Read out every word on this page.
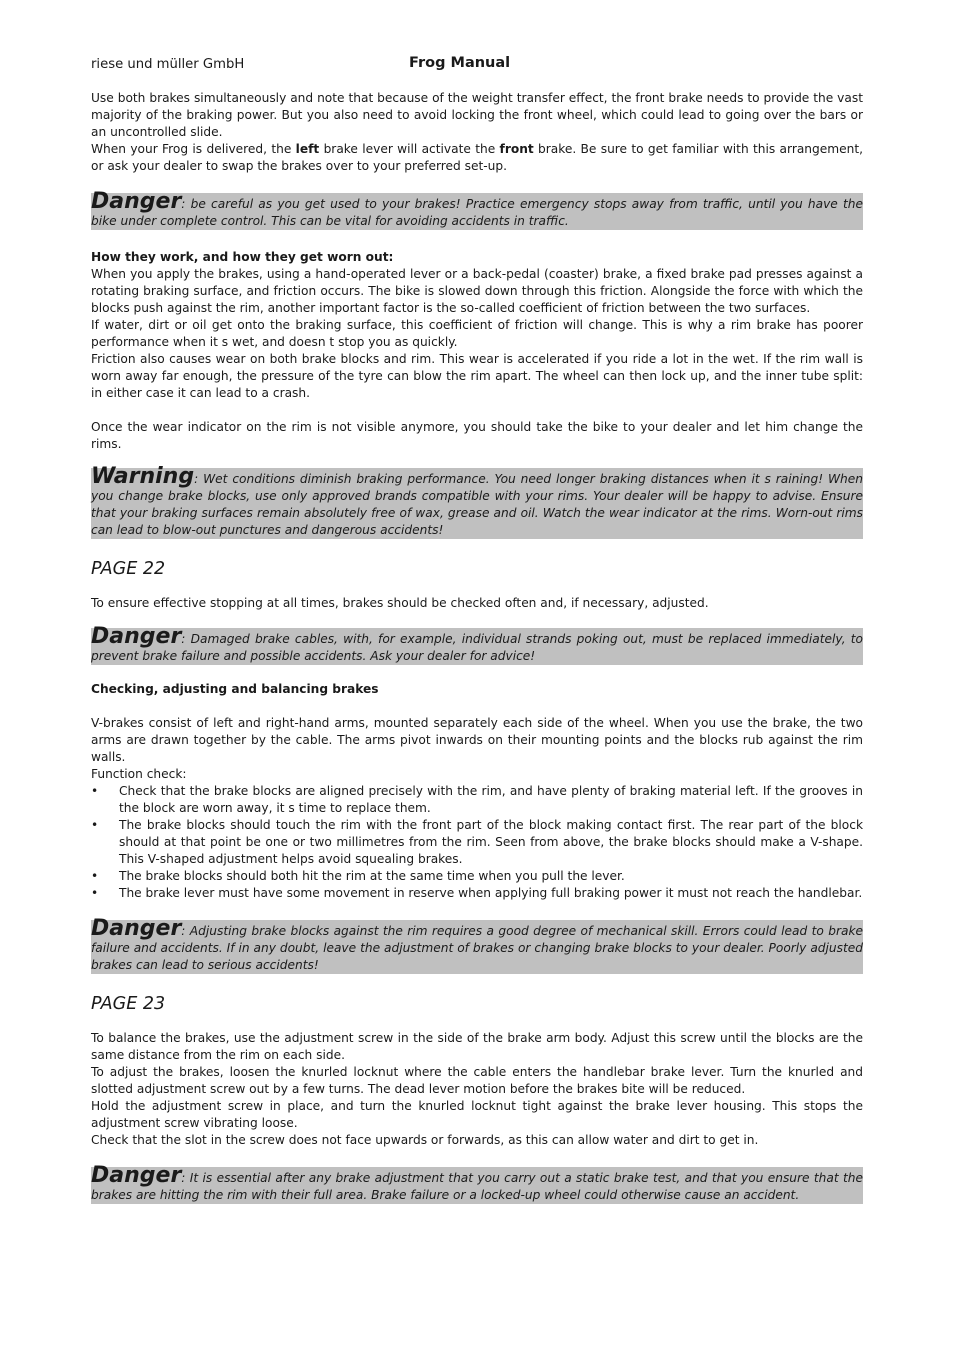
riese und müller GmbH	Frog Manual

Use both brakes simultaneously and note that because of the weight transfer effect, the front brake needs to provide the vast majority of the braking power. But you also need to avoid locking the front wheel, which could lead to going over the bars or an uncontrolled slide.

When your Frog is delivered, the left brake lever will activate the front brake. Be sure to get familiar with this arrangement, or ask your dealer to swap the brakes over to your preferred set-up.

Danger: be careful as you get used to your brakes! Practice emergency stops away from traffic, until you have the bike under complete control. This can be vital for avoiding accidents in traffic.

How they work, and how they get worn out:

When you apply the brakes, using a hand-operated lever or a back-pedal (coaster) brake, a fixed brake pad presses against a rotating braking surface, and friction occurs. The bike is slowed down through this friction. Alongside the force with which the blocks push against the rim, another important factor is the so-called coefficient of friction between the two surfaces.

If water, dirt or oil get onto the braking surface, this coefficient of friction will change. This is why a rim brake has poorer performance when it s wet, and doesn t stop you as quickly.

Friction also causes wear on both brake blocks and rim. This wear is accelerated if you ride a lot in the wet. If the rim wall is worn away far enough, the pressure of the tyre can blow the rim apart. The wheel can then lock up, and the inner tube split: in either case it can lead to a crash.

Once the wear indicator on the rim is not visible anymore, you should take the bike to your dealer and let him change the rims.

Warning: Wet conditions diminish braking performance. You need longer braking distances when it s raining! When you change brake blocks, use only approved brands compatible with your rims. Your dealer will be happy to advise. Ensure that your braking surfaces remain absolutely free of wax, grease and oil. Watch the wear indicator at the rims. Worn-out rims can lead to blow-out punctures and dangerous accidents!

PAGE 22

To ensure effective stopping at all times, brakes should be checked often and, if necessary, adjusted.

Danger: Damaged brake cables, with, for example, individual strands poking out, must be replaced immediately, to prevent brake failure and possible accidents. Ask your dealer for advice!

Checking, adjusting and balancing brakes

V-brakes consist of left and right-hand arms, mounted separately each side of the wheel. When you use the brake, the two arms are drawn together by the cable. The arms pivot inwards on their mounting points and the blocks rub against the rim walls.

Function check:

• Check that the brake blocks are aligned precisely with the rim, and have plenty of braking material left. If the grooves in the block are worn away, it s time to replace them.
• The brake blocks should touch the rim with the front part of the block making contact first. The rear part of the block should at that point be one or two millimetres from the rim. Seen from above, the brake blocks should make a V-shape. This V-shaped adjustment helps avoid squealing brakes.
• The brake blocks should both hit the rim at the same time when you pull the lever.
• The brake lever must have some movement in reserve when applying full braking power it must not reach the handlebar.

Danger: Adjusting brake blocks against the rim requires a good degree of mechanical skill. Errors could lead to brake failure and accidents. If in any doubt, leave the adjustment of brakes or changing brake blocks to your dealer. Poorly adjusted brakes can lead to serious accidents!

PAGE 23

To balance the brakes, use the adjustment screw in the side of the brake arm body. Adjust this screw until the blocks are the same distance from the rim on each side.

To adjust the brakes, loosen the knurled locknut where the cable enters the handlebar brake lever. Turn the knurled and slotted adjustment screw out by a few turns. The dead lever motion before the brakes bite will be reduced.

Hold the adjustment screw in place, and turn the knurled locknut tight against the brake lever housing. This stops the adjustment screw vibrating loose.

Check that the slot in the screw does not face upwards or forwards, as this can allow water and dirt to get in.

Danger: It is essential after any brake adjustment that you carry out a static brake test, and that you ensure that the brakes are hitting the rim with their full area. Brake failure or a locked-up wheel could otherwise cause an accident.
